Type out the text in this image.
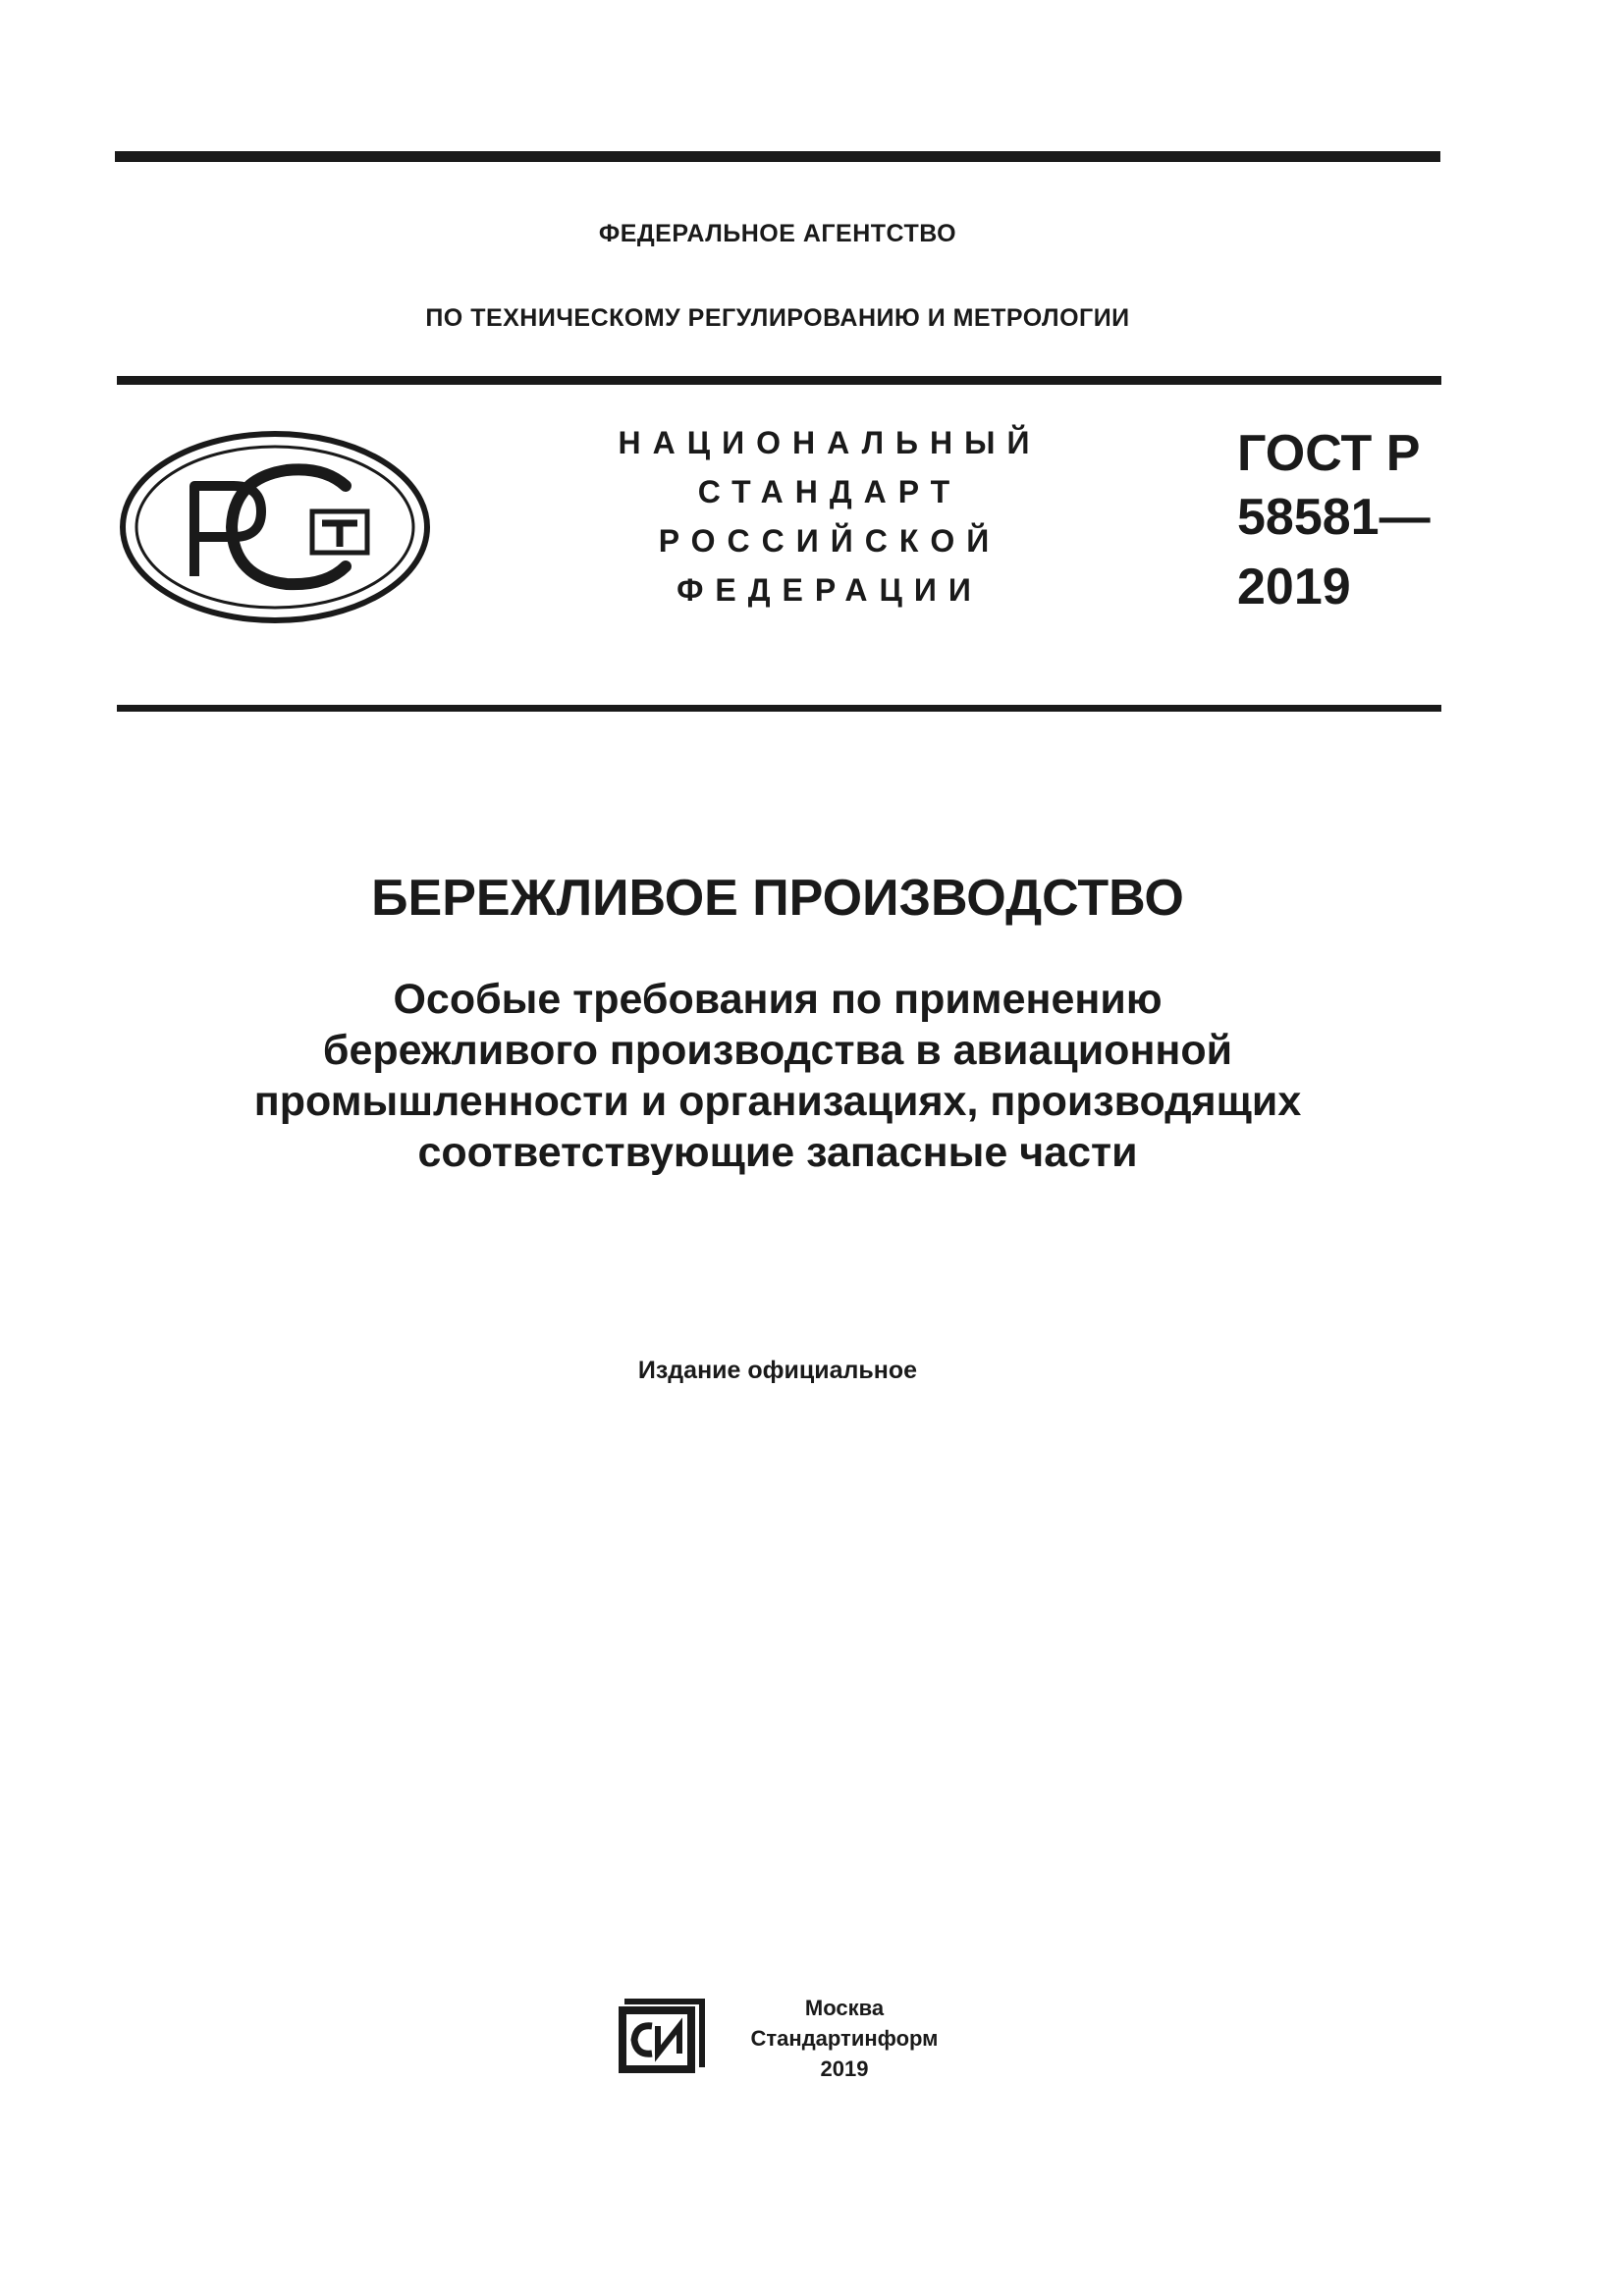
ФЕДЕРАЛЬНОЕ АГЕНТСТВО
ПО ТЕХНИЧЕСКОМУ РЕГУЛИРОВАНИЮ И МЕТРОЛОГИИ
НАЦИОНАЛЬНЫЙ
СТАНДАРТ
РОССИЙСКОЙ
ФЕДЕРАЦИИ
ГОСТ Р
58581—
2019
БЕРЕЖЛИВОЕ ПРОИЗВОДСТВО
Особые требования по применению
бережливого производства в авиационной
промышленности и организациях, производящих
соответствующие запасные части
Издание официальное
Москва
Стандартинформ
2019
